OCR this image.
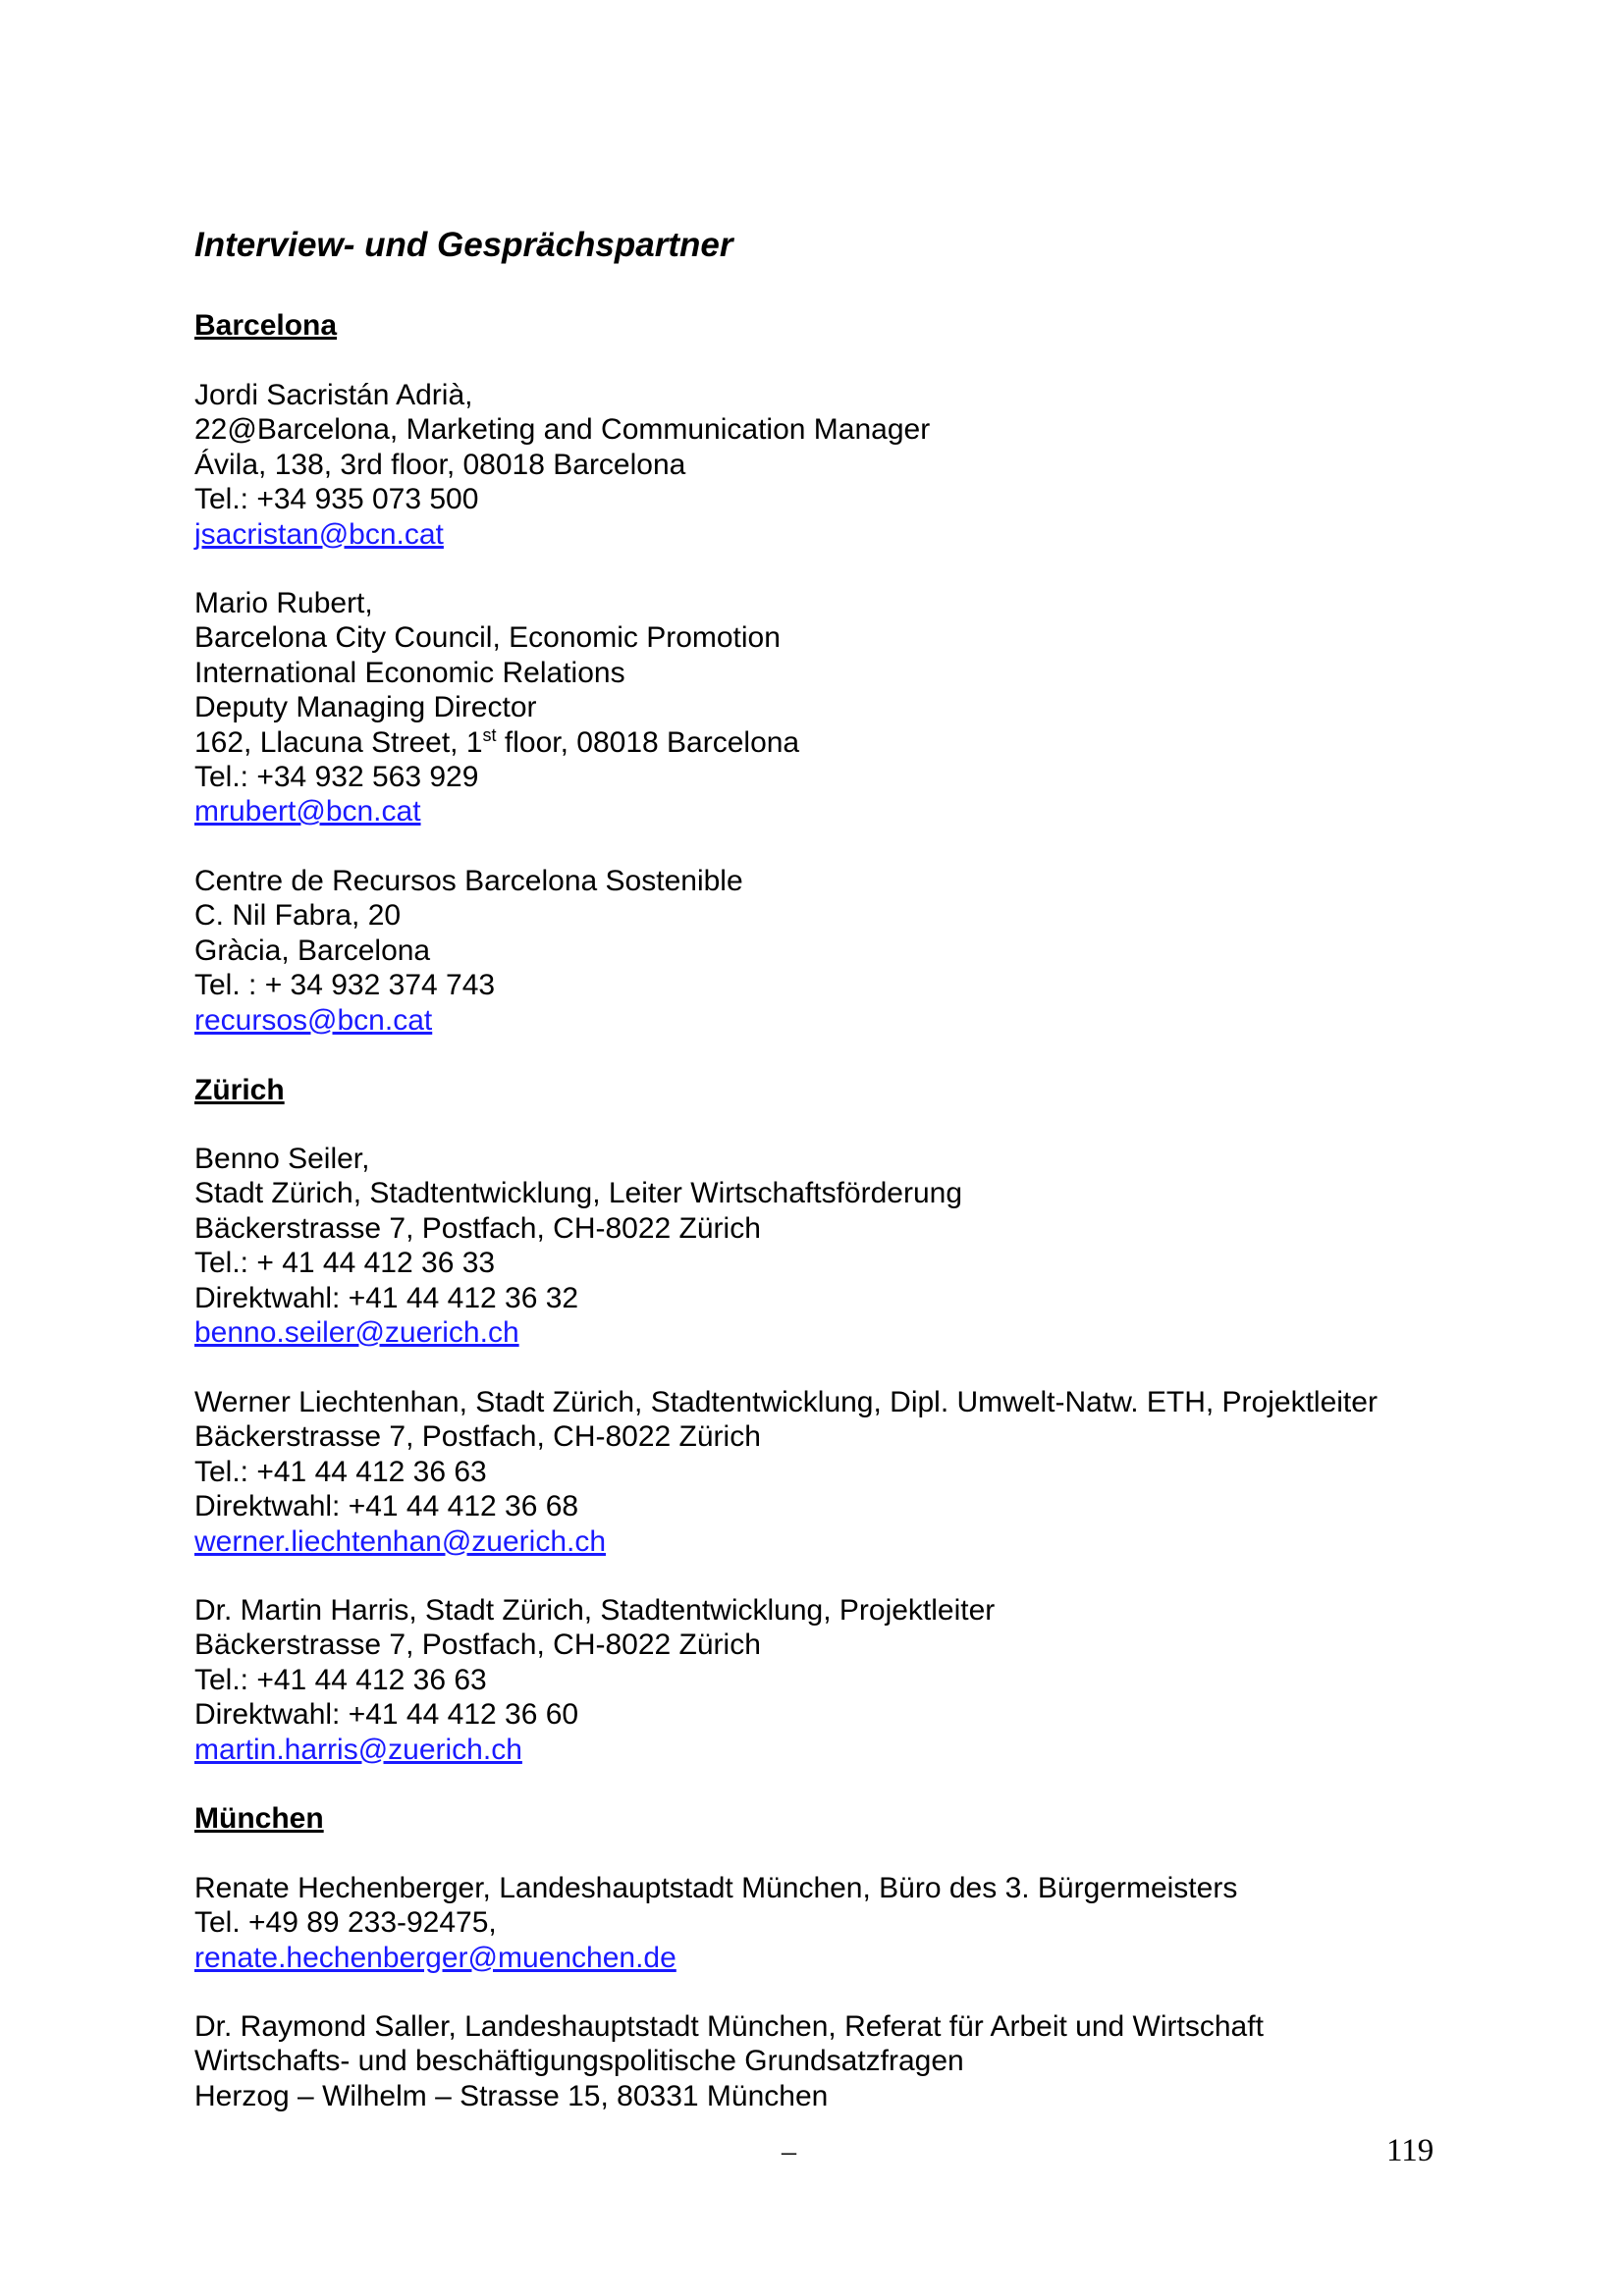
Interview- und Gesprächspartner
Barcelona
Jordi Sacristán Adrià,
22@Barcelona, Marketing and Communication Manager
Ávila, 138, 3rd floor, 08018 Barcelona
Tel.: +34 935 073 500
jsacristan@bcn.cat
Mario Rubert,
Barcelona City Council, Economic Promotion
International Economic Relations
Deputy Managing Director
162, Llacuna Street, 1st floor, 08018 Barcelona
Tel.: +34 932 563 929
mrubert@bcn.cat
Centre de Recursos Barcelona Sostenible
C. Nil Fabra, 20
Gràcia, Barcelona
Tel. : + 34 932 374 743
recursos@bcn.cat
Zürich
Benno Seiler,
Stadt Zürich, Stadtentwicklung, Leiter Wirtschaftsförderung
Bäckerstrasse 7, Postfach, CH-8022 Zürich
Tel.: + 41 44 412 36 33
Direktwahl: +41 44 412 36 32
benno.seiler@zuerich.ch
Werner Liechtenhan, Stadt Zürich, Stadtentwicklung, Dipl. Umwelt-Natw. ETH, Projektleiter
Bäckerstrasse 7, Postfach, CH-8022 Zürich
Tel.: +41 44 412 36 63
Direktwahl: +41 44 412 36 68
werner.liechtenhan@zuerich.ch
Dr. Martin Harris, Stadt Zürich, Stadtentwicklung, Projektleiter
Bäckerstrasse 7, Postfach, CH-8022 Zürich
Tel.: +41 44 412 36 63
Direktwahl: +41 44 412 36 60
martin.harris@zuerich.ch
München
Renate Hechenberger, Landeshauptstadt München, Büro des 3. Bürgermeisters
Tel. +49 89 233-92475,
renate.hechenberger@muenchen.de
Dr. Raymond Saller, Landeshauptstadt München, Referat für Arbeit und Wirtschaft
Wirtschafts- und beschäftigungspolitische Grundsatzfragen
Herzog – Wilhelm – Strasse 15, 80331 München
–	119
